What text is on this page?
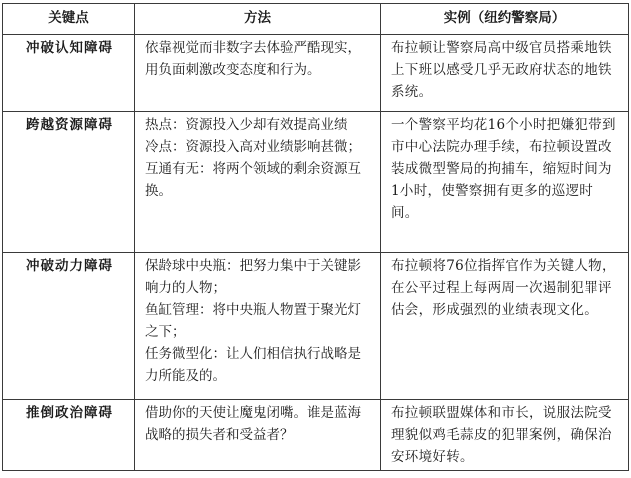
关键点	方法	实例（纽约警察局）
冲破认知障碍	依靠视觉而非数字去体验严酷现实，用负面刺激改变态度和行为。	布拉顿让警察局高中级官员搭乘地铁上下班以感受几乎无政府状态的地铁系统。
跨越资源障碍	热点：资源投入少却有效提高业绩

冷点：资源投入高对业绩影响甚微；

互通有无：将两个领域的剩余资源互换。	一个警察平均花16个小时把嫌犯带到市中心法院办理手续，布拉顿设置改装成微型警局的拘捕车，缩短时间为1小时，使警察拥有更多的巡逻时间。
冲破动力障碍	保龄球中央瓶：把努力集中于关键影响力的人物；

鱼缸管理：将中央瓶人物置于聚光灯之下；

任务微型化：让人们相信执行战略是力所能及的。	布拉顿将76位指挥官作为关键人物，在公平过程上每两周一次遏制犯罪评估会，形成强烈的业绩表现文化。
推倒政治障碍	借助你的天使让魔鬼闭嘴。谁是蓝海战略的损失者和受益者？	布拉顿联盟媒体和市长，说服法院受理貌似鸡毛蒜皮的犯罪案例，确保治安环境好转。
